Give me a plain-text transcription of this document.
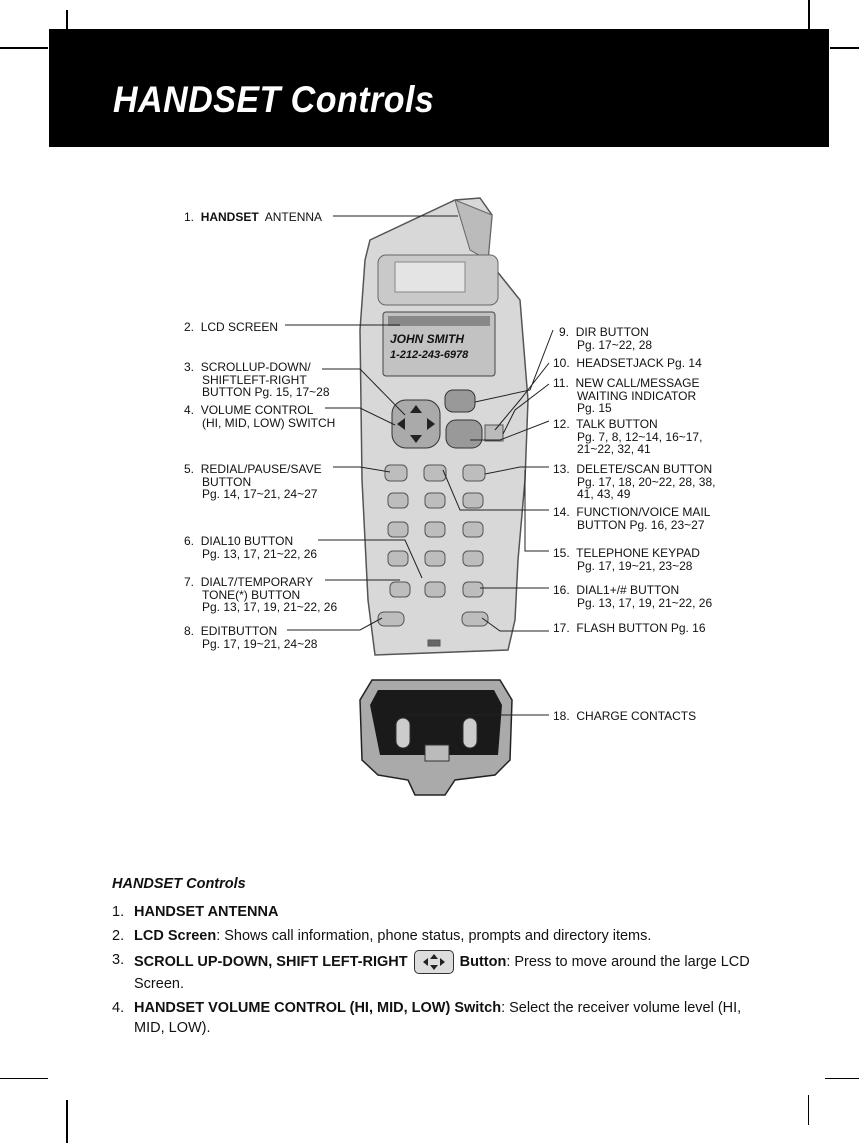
HANDSET Controls
JOHN SMITH
1-212-243-6978
1. HANDSET ANTENNA
2. LCD SCREEN
3. SCROLLUP-DOWN/
SHIFTLEFT-RIGHT
BUTTON Pg. 15, 17~28
4. VOLUME CONTROL
(HI, MID, LOW) SWITCH
5. REDIAL/PAUSE/SAVE
BUTTON
Pg. 14, 17~21, 24~27
6. DIAL10 BUTTON
Pg. 13, 17, 21~22, 26
7. DIAL7/TEMPORARY
TONE(*) BUTTON
Pg. 13, 17, 19, 21~22, 26
8. EDITBUTTON
Pg. 17, 19~21, 24~28
9. DIR BUTTON
Pg. 17~22, 28
10. HEADSETJACK Pg. 14
11. NEW CALL/MESSAGE
WAITING INDICATOR
Pg. 15
12. TALK BUTTON
Pg. 7, 8, 12~14, 16~17,
21~22, 32, 41
13. DELETE/SCAN BUTTON
Pg. 17, 18, 20~22, 28, 38,
41, 43, 49
14. FUNCTION/VOICE MAIL
BUTTON Pg. 16, 23~27
15. TELEPHONE KEYPAD
Pg. 17, 19~21, 23~28
16. DIAL1+/# BUTTON
Pg. 13, 17, 19, 21~22, 26
17. FLASH BUTTON Pg. 16
18. CHARGE CONTACTS
HANDSET Controls
1. HANDSET ANTENNA
2. LCD Screen: Shows call information, phone status, prompts and directory items.
3. SCROLL UP-DOWN, SHIFT LEFT-RIGHT	Button: Press to move around the large LCD Screen.
4. HANDSET VOLUME CONTROL (HI, MID, LOW) Switch: Select the receiver volume level (HI, MID, LOW).
